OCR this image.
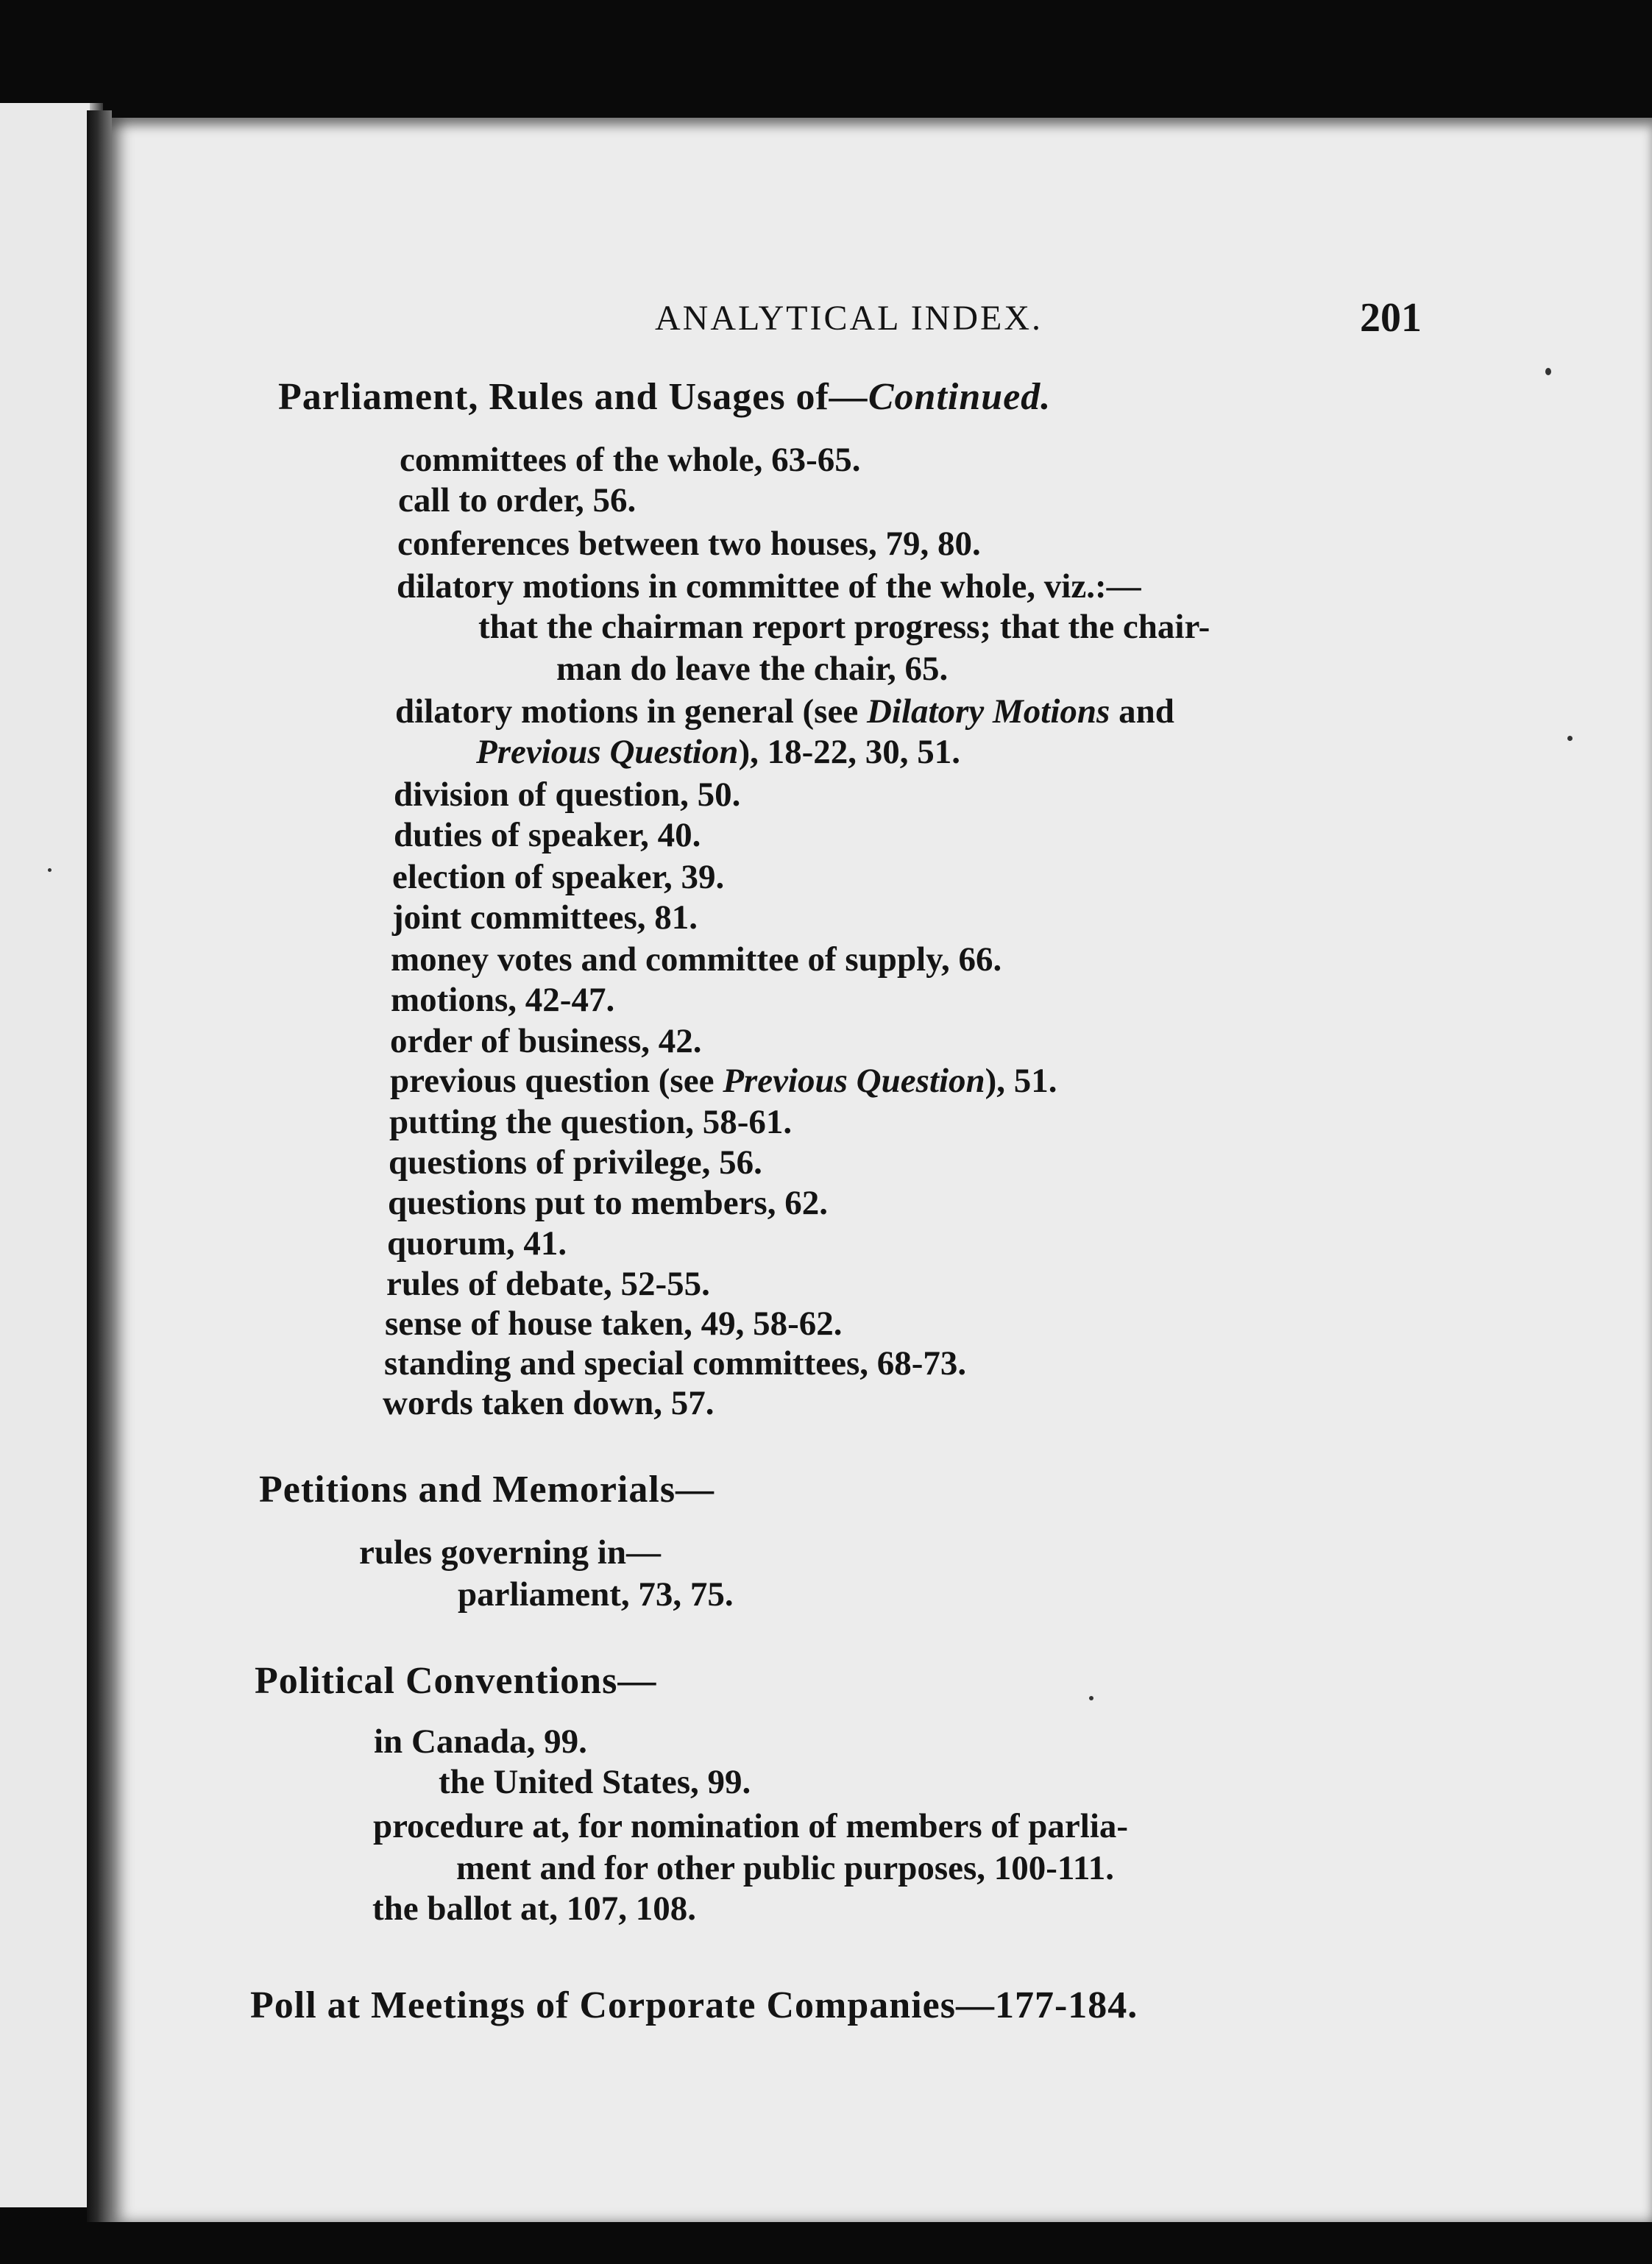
ANALYTICAL INDEX.	201
Parliament, Rules and Usages of—Continued.
committees of the whole, 63-65.
call to order, 56.
conferences between two houses, 79, 80.
dilatory motions in committee of the whole, viz.:—
that the chairman report progress; that the chair-
man do leave the chair, 65.
dilatory motions in general (see Dilatory Motions and
Previous Question), 18-22, 30, 51.
division of question, 50.
duties of speaker, 40.
election of speaker, 39.
joint committees, 81.
money votes and committee of supply, 66.
motions, 42-47.
order of business, 42.
previous question (see Previous Question), 51.
putting the question, 58-61.
questions of privilege, 56.
questions put to members, 62.
quorum, 41.
rules of debate, 52-55.
sense of house taken, 49, 58-62.
standing and special committees, 68-73.
words taken down, 57.
Petitions and Memorials—
rules governing in—
parliament, 73, 75.
Political Conventions—
in Canada, 99.
the United States, 99.
procedure at, for nomination of members of parlia-
ment and for other public purposes, 100-111.
the ballot at, 107, 108.
Poll at Meetings of Corporate Companies—177-184.
